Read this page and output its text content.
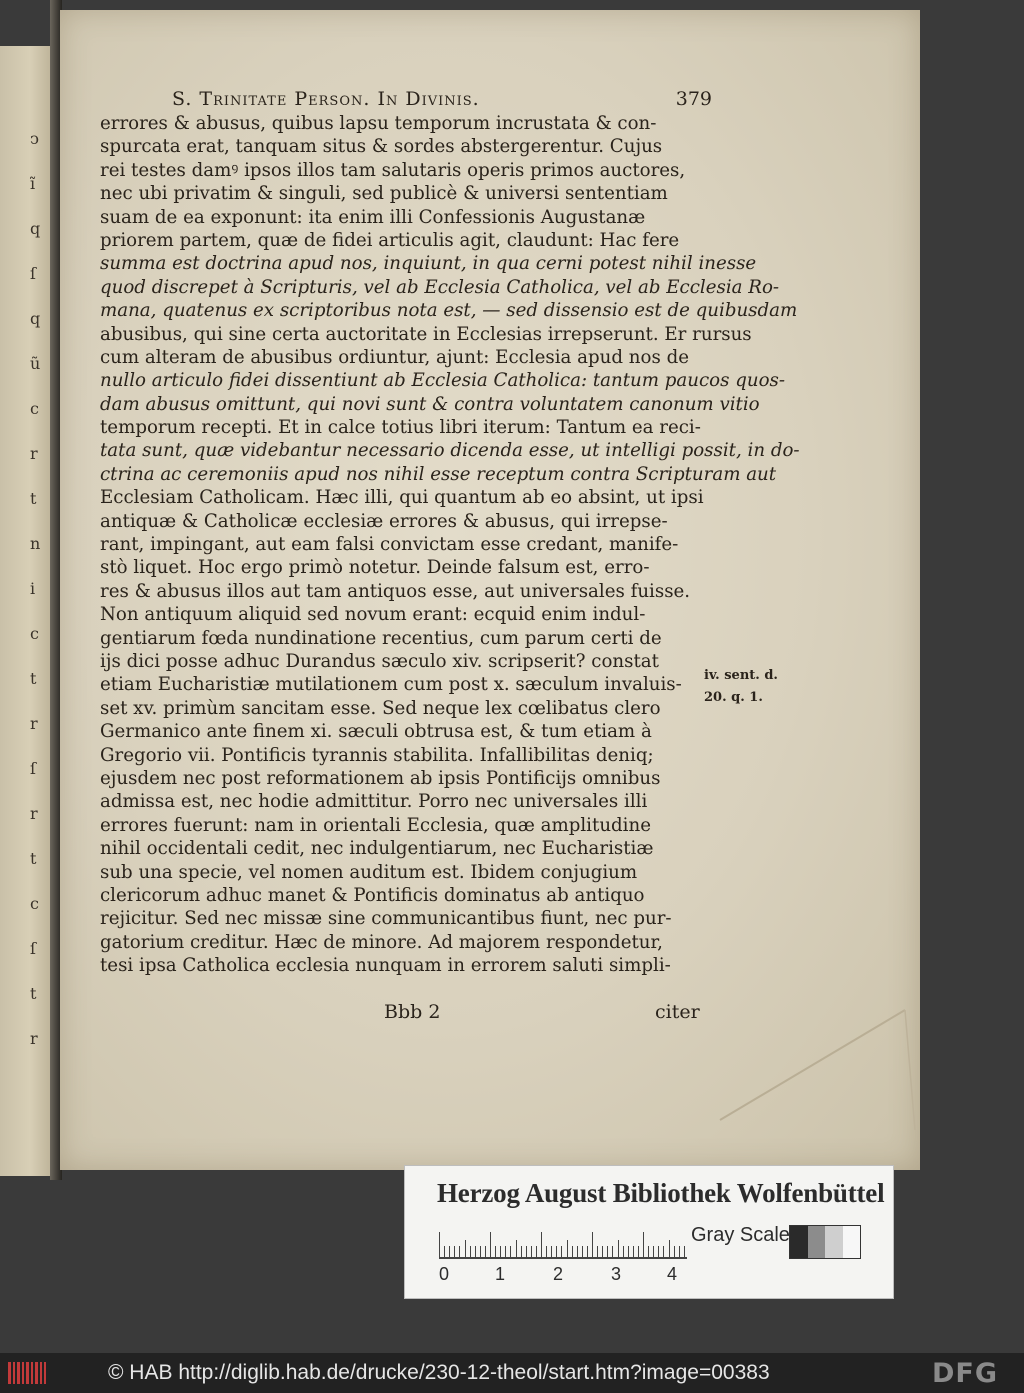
ↄ
ĩ
q
ſ
q
ũ
c
r
t
n
i
c
t
r
ſ
r
t
c
ſ
t
r
S. Trinitate Person. In Divinis.	379
errores & abusus, quibus lapsu temporum incrustata & con-
spurcata erat, tanquam situs & sordes abstergerentur. Cujus
rei testes damꝰ ipsos illos tam salutaris operis primos auctores,
nec ubi privatim & singuli, sed publicè & universi sententiam
suam de ea exponunt: ita enim illi Confessionis Augustanæ
priorem partem, quæ de fidei articulis agit, claudunt: Hac fere
summa est doctrina apud nos, inquiunt, in qua cerni potest nihil inesse
quod discrepet à Scripturis, vel ab Ecclesia Catholica, vel ab Ecclesia Ro-
mana, quatenus ex scriptoribus nota est, — sed dissensio est de quibusdam
abusibus, qui sine certa auctoritate in Ecclesias irrepserunt. Er rursus
cum alteram de abusibus ordiuntur, ajunt: Ecclesia apud nos de
nullo articulo fidei dissentiunt ab Ecclesia Catholica: tantum paucos quos-
dam abusus omittunt, qui novi sunt & contra voluntatem canonum vitio
temporum recepti. Et in calce totius libri iterum: Tantum ea reci-
tata sunt, quæ videbantur necessario dicenda esse, ut intelligi possit, in do-
ctrina ac ceremoniis apud nos nihil esse receptum contra Scripturam aut
Ecclesiam Catholicam. Hæc illi, qui quantum ab eo absint, ut ipsi
antiquæ & Catholicæ ecclesiæ errores & abusus, qui irrepse-
rant, impingant, aut eam falsi convictam esse credant, manife-
stò liquet. Hoc ergo primò notetur. Deinde falsum est, erro-
res & abusus illos aut tam antiquos esse, aut universales fuisse.
Non antiquum aliquid sed novum erant: ecquid enim indul-
gentiarum fœda nundinatione recentius, cum parum certi de
ijs dici posse adhuc Durandus sæculo xiv. scripserit? constat
etiam Eucharistiæ mutilationem cum post x. sæculum invaluis-
set xv. primùm sancitam esse. Sed neque lex cœlibatus clero
Germanico ante finem xi. sæculi obtrusa est, & tum etiam à
Gregorio vii. Pontificis tyrannis stabilita. Infallibilitas deniq;
ejusdem nec post reformationem ab ipsis Pontificijs omnibus
admissa est, nec hodie admittitur. Porro nec universales illi
errores fuerunt: nam in orientali Ecclesia, quæ amplitudine
nihil occidentali cedit, nec indulgentiarum, nec Eucharistiæ
sub una specie, vel nomen auditum est. Ibidem conjugium
clericorum adhuc manet & Pontificis dominatus ab antiquo
rejicitur. Sed nec missæ sine communicantibus fiunt, nec pur-
gatorium creditur. Hæc de minore. Ad majorem respondetur,
tesi ipsa Catholica ecclesia nunquam in errorem saluti simpli-
iv. sent. d.
20. q. 1.
Bbb 2	citer
Herzog August Bibliothek Wolfenbüttel
0	1	2	3	4
Gray Scale
© HAB http://diglib.hab.de/drucke/230-12-theol/start.htm?image=00383	DFG
